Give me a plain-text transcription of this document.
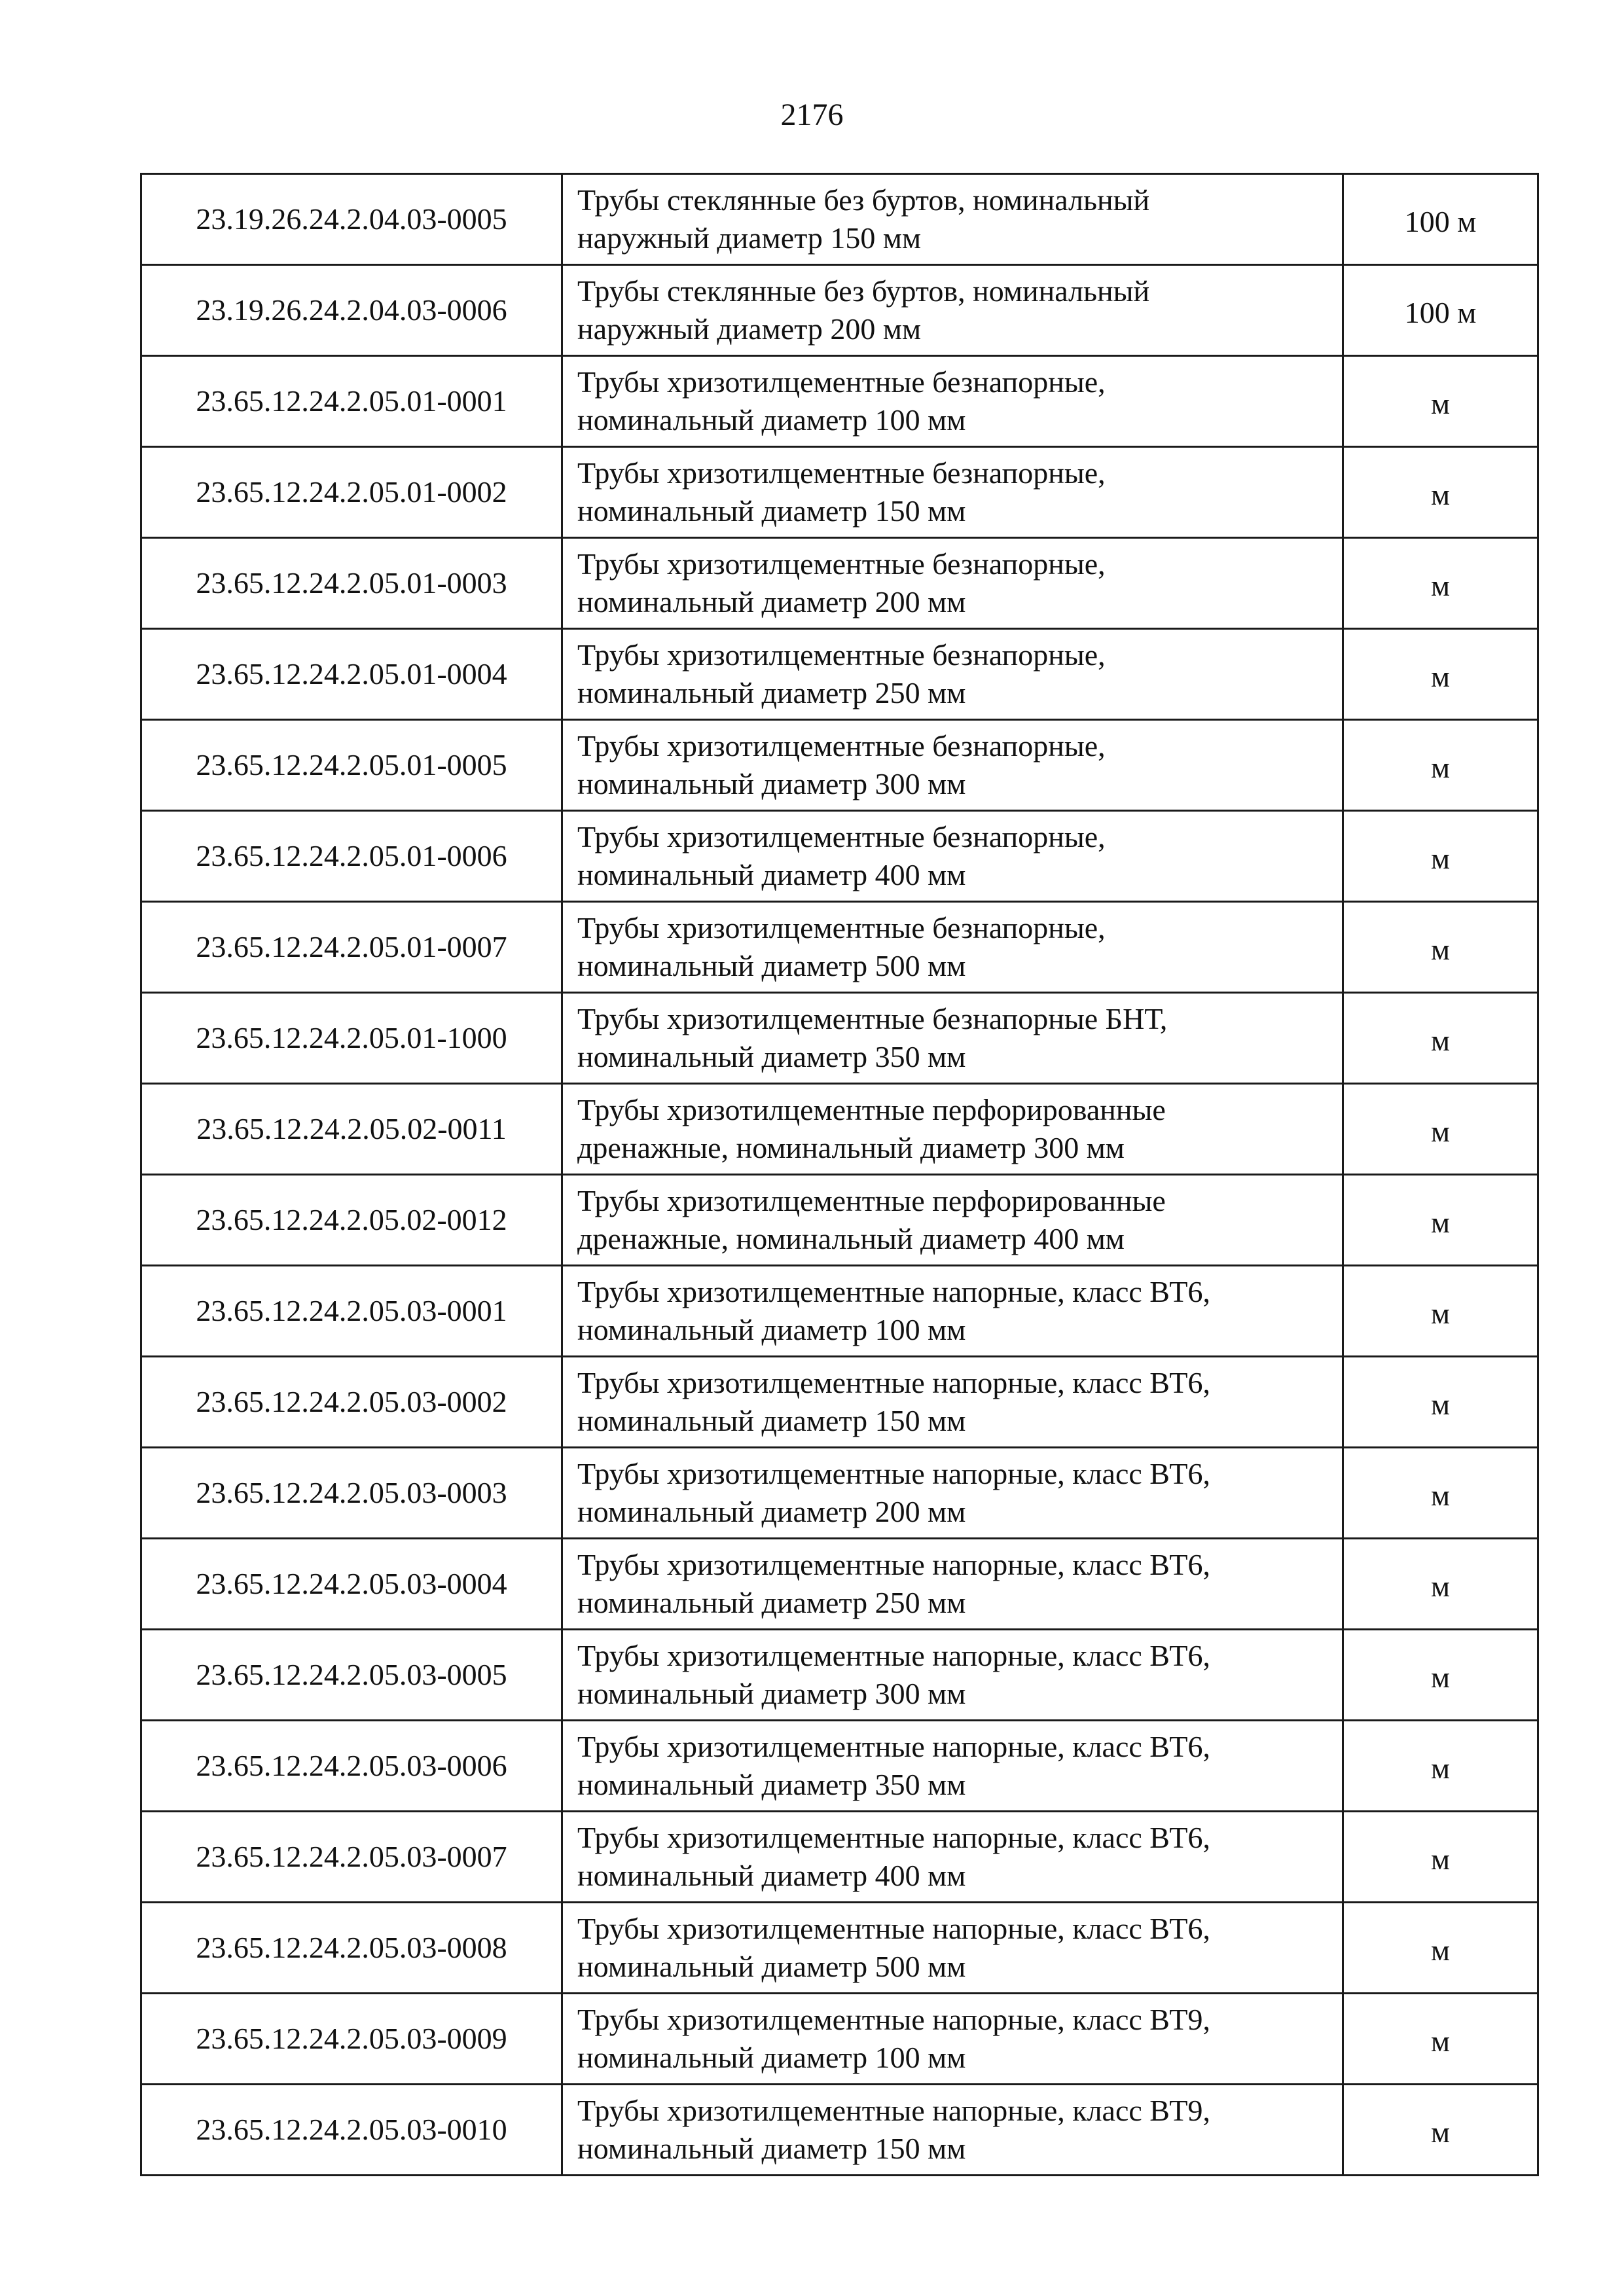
2176
23.19.26.24.2.04.03-0005	Трубы стеклянные без буртов, номинальный
наружный диаметр 150 мм	100 м
23.19.26.24.2.04.03-0006	Трубы стеклянные без буртов, номинальный
наружный диаметр 200 мм	100 м
23.65.12.24.2.05.01-0001	Трубы хризотилцементные безнапорные,
номинальный диаметр 100 мм	м
23.65.12.24.2.05.01-0002	Трубы хризотилцементные безнапорные,
номинальный диаметр 150 мм	м
23.65.12.24.2.05.01-0003	Трубы хризотилцементные безнапорные,
номинальный диаметр 200 мм	м
23.65.12.24.2.05.01-0004	Трубы хризотилцементные безнапорные,
номинальный диаметр 250 мм	м
23.65.12.24.2.05.01-0005	Трубы хризотилцементные безнапорные,
номинальный диаметр 300 мм	м
23.65.12.24.2.05.01-0006	Трубы хризотилцементные безнапорные,
номинальный диаметр 400 мм	м
23.65.12.24.2.05.01-0007	Трубы хризотилцементные безнапорные,
номинальный диаметр 500 мм	м
23.65.12.24.2.05.01-1000	Трубы хризотилцементные безнапорные БНТ,
номинальный диаметр 350 мм	м
23.65.12.24.2.05.02-0011	Трубы хризотилцементные перфорированные
дренажные, номинальный диаметр 300 мм	м
23.65.12.24.2.05.02-0012	Трубы хризотилцементные перфорированные
дренажные, номинальный диаметр 400 мм	м
23.65.12.24.2.05.03-0001	Трубы хризотилцементные напорные, класс ВТ6,
номинальный диаметр 100 мм	м
23.65.12.24.2.05.03-0002	Трубы хризотилцементные напорные, класс ВТ6,
номинальный диаметр 150 мм	м
23.65.12.24.2.05.03-0003	Трубы хризотилцементные напорные, класс ВТ6,
номинальный диаметр 200 мм	м
23.65.12.24.2.05.03-0004	Трубы хризотилцементные напорные, класс ВТ6,
номинальный диаметр 250 мм	м
23.65.12.24.2.05.03-0005	Трубы хризотилцементные напорные, класс ВТ6,
номинальный диаметр 300 мм	м
23.65.12.24.2.05.03-0006	Трубы хризотилцементные напорные, класс ВТ6,
номинальный диаметр 350 мм	м
23.65.12.24.2.05.03-0007	Трубы хризотилцементные напорные, класс ВТ6,
номинальный диаметр 400 мм	м
23.65.12.24.2.05.03-0008	Трубы хризотилцементные напорные, класс ВТ6,
номинальный диаметр 500 мм	м
23.65.12.24.2.05.03-0009	Трубы хризотилцементные напорные, класс ВТ9,
номинальный диаметр 100 мм	м
23.65.12.24.2.05.03-0010	Трубы хризотилцементные напорные, класс ВТ9,
номинальный диаметр 150 мм	м
